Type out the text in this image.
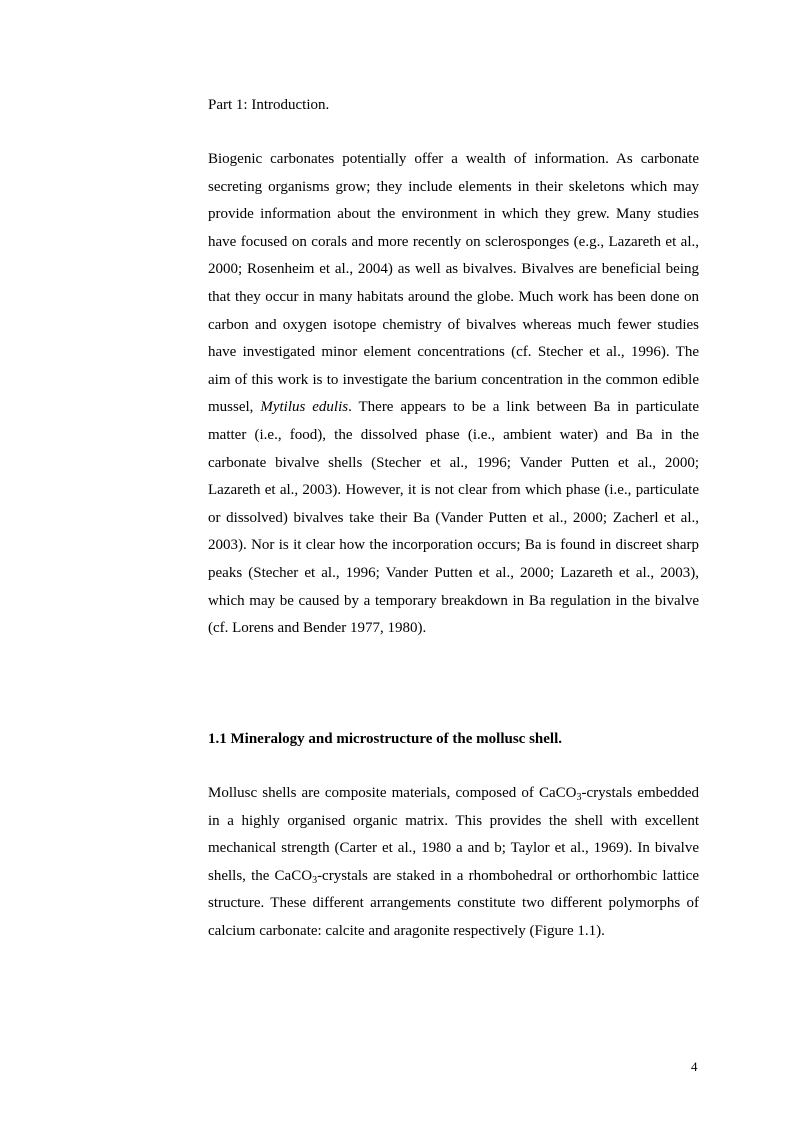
Part 1: Introduction.

Biogenic carbonates potentially offer a wealth of information. As carbonate secreting organisms grow; they include elements in their skeletons which may provide information about the environment in which they grew. Many studies have focused on corals and more recently on sclerosponges (e.g., Lazareth et al., 2000; Rosenheim et al., 2004) as well as bivalves. Bivalves are beneficial being that they occur in many habitats around the globe. Much work has been done on carbon and oxygen isotope chemistry of bivalves whereas much fewer studies have investigated minor element concentrations (cf. Stecher et al., 1996). The aim of this work is to investigate the barium concentration in the common edible mussel, Mytilus edulis. There appears to be a link between Ba in particulate matter (i.e., food), the dissolved phase (i.e., ambient water) and Ba in the carbonate bivalve shells (Stecher et al., 1996; Vander Putten et al., 2000; Lazareth et al., 2003). However, it is not clear from which phase (i.e., particulate or dissolved) bivalves take their Ba (Vander Putten et al., 2000; Zacherl et al., 2003). Nor is it clear how the incorporation occurs; Ba is found in discreet sharp peaks (Stecher et al., 1996; Vander Putten et al., 2000; Lazareth et al., 2003), which may be caused by a temporary breakdown in Ba regulation in the bivalve (cf. Lorens and Bender 1977, 1980).

1.1 Mineralogy and microstructure of the mollusc shell.

Mollusc shells are composite materials, composed of CaCO$_3$-crystals embedded in a highly organised organic matrix. This provides the shell with excellent mechanical strength (Carter et al., 1980 a and b; Taylor et al., 1969). In bivalve shells, the CaCO$_3$-crystals are staked in a rhombohedral or orthorhombic lattice structure. These different arrangements constitute two different polymorphs of calcium carbonate: calcite and aragonite respectively (Figure 1.1).

4
